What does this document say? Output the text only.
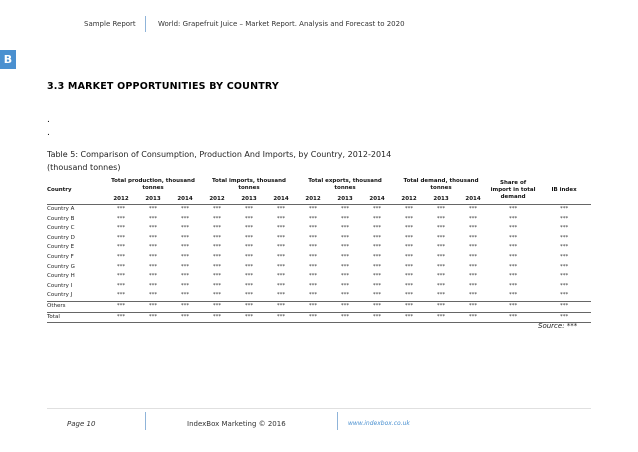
Sample Report	World: Grapefruit Juice – Market Report. Analysis and Forecast to 2020
B
3.3 MARKET OPPORTUNITIES BY COUNTRY
.
.
Table 5: Comparison of Consumption, Production And Imports, by Country, 2012-2014
(thousand tonnes)
Country	Total production, thousand tonnes			Total imports, thousand tonnes			Total exports, thousand tonnes			Total demand, thousand tonnes			Share of import in total demand	IB index
	2012	2013	2014	2012	2013	2014	2012	2013	2014	2012	2013	2014		
Country A	***	***	***	***	***	***	***	***	***	***	***	***	***	***
Country B	***	***	***	***	***	***	***	***	***	***	***	***	***	***
Country C	***	***	***	***	***	***	***	***	***	***	***	***	***	***
Country D	***	***	***	***	***	***	***	***	***	***	***	***	***	***
Country E	***	***	***	***	***	***	***	***	***	***	***	***	***	***
Country F	***	***	***	***	***	***	***	***	***	***	***	***	***	***
Country G	***	***	***	***	***	***	***	***	***	***	***	***	***	***
Country H	***	***	***	***	***	***	***	***	***	***	***	***	***	***
Country I	***	***	***	***	***	***	***	***	***	***	***	***	***	***
Country J	***	***	***	***	***	***	***	***	***	***	***	***	***	***
Others	***	***	***	***	***	***	***	***	***	***	***	***	***	***
Total	***	***	***	***	***	***	***	***	***	***	***	***	***	***
Source: ***
Page 10	IndexBox Marketing © 2016	www.indexbox.co.uk
